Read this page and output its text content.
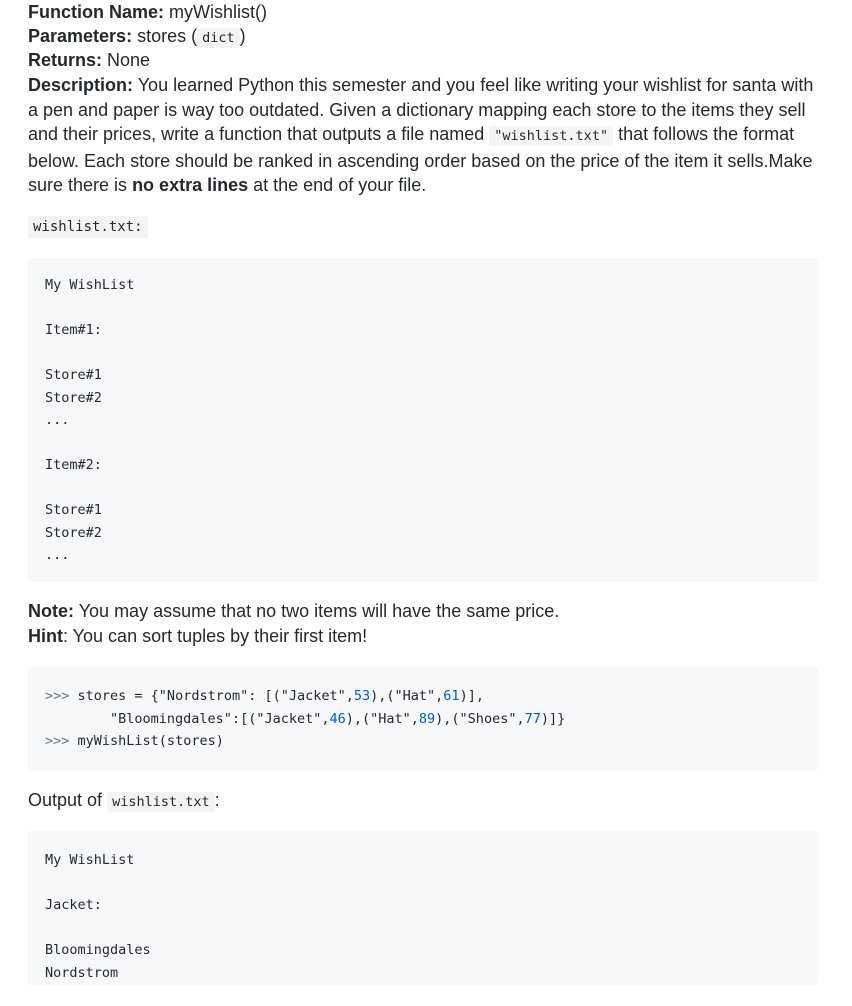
Function Name: myWishlist()

Parameters: stores ( dict )

Returns: None

Description: You learned Python this semester and you feel like writing your wishlist for santa with a pen and paper is way too outdated. Given a dictionary mapping each store to the items they sell and their prices, write a function that outputs a file named "wishlist.txt" that follows the format below. Each store should be ranked in ascending order based on the price of the item it sells.Make sure there is no extra lines at the end of your file.

wishlist.txt:
My WishList
Item#1:
Store#1
Store#2
...
Item#2:
Store#1
Store#2
...

Note: You may assume that no two items will have the same price.

Hint: You can sort tuples by their first item!

>>> stores = {"Nordstrom": [("Jacket",53),("Hat",61)],
"Bloomingdales":[("Jacket",46),("Hat",89),("Shoes",77)]}
>>> myWishList(stores)

Output of wishlist.txt :

My WishList
Jacket:
Bloomingdales
Nordstrom
